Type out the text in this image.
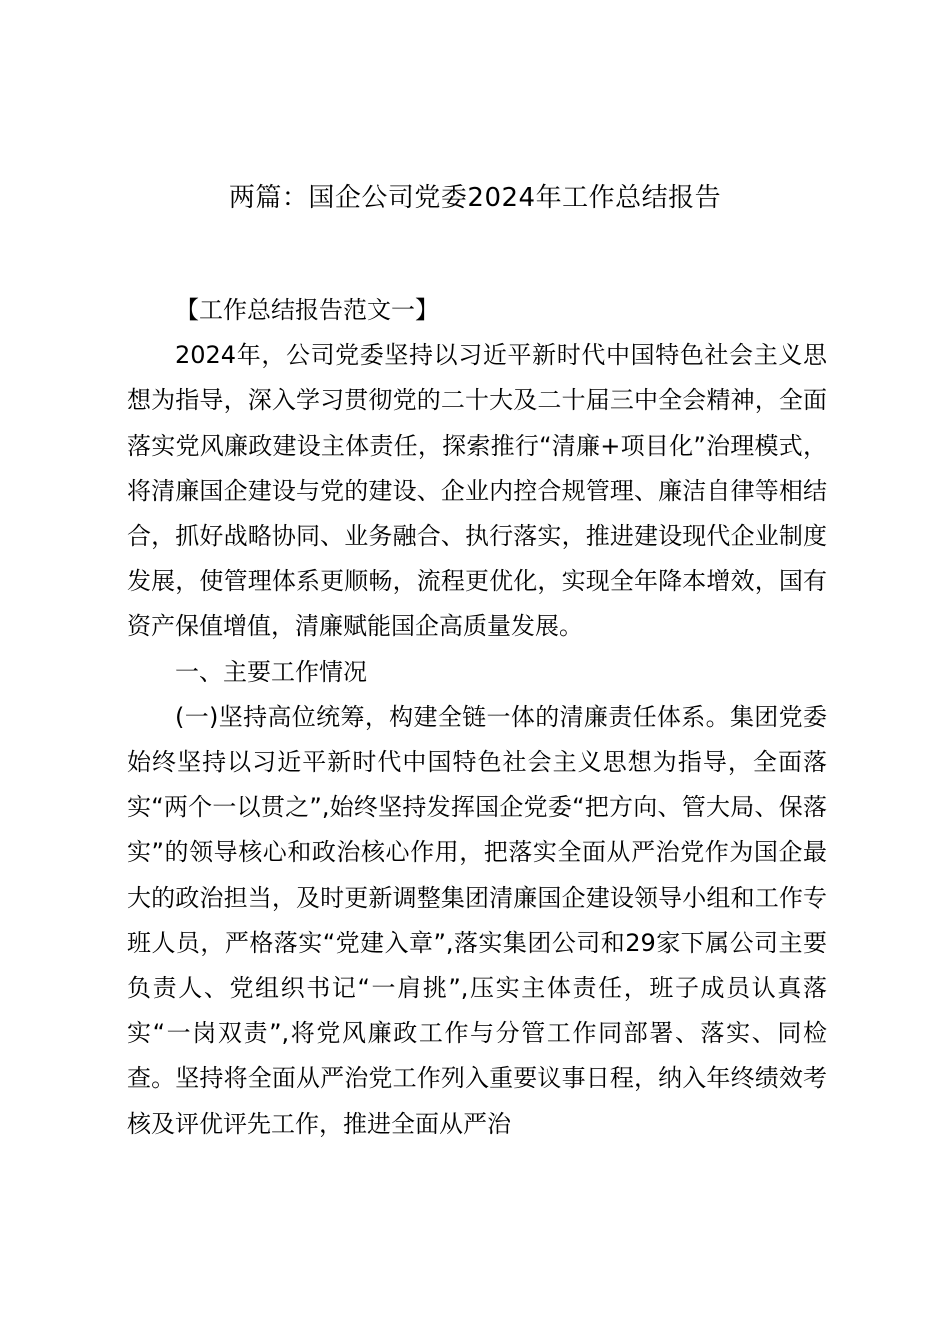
两篇：国企公司党委2024年工作总结报告

【工作总结报告范文一】

2024年，公司党委坚持以习近平新时代中国特色社会主义思想为指导，深入学习贯彻党的二十大及二十届三中全会精神，全面落实党风廉政建设主体责任，探索推行“清廉+项目化”治理模式，将清廉国企建设与党的建设、企业内控合规管理、廉洁自律等相结合，抓好战略协同、业务融合、执行落实，推进建设现代企业制度发展，使管理体系更顺畅，流程更优化，实现全年降本增效，国有资产保值增值，清廉赋能国企高质量发展。

一、主要工作情况

(一)坚持高位统筹，构建全链一体的清廉责任体系。集团党委始终坚持以习近平新时代中国特色社会主义思想为指导，全面落实“两个一以贯之”,始终坚持发挥国企党委“把方向、管大局、保落实”的领导核心和政治核心作用，把落实全面从严治党作为国企最大的政治担当，及时更新调整集团清廉国企建设领导小组和工作专班人员，严格落实“党建入章”,落实集团公司和29家下属公司主要负责人、党组织书记“一肩挑”,压实主体责任，班子成员认真落实“一岗双责”,将党风廉政工作与分管工作同部署、落实、同检查。坚持将全面从严治党工作列入重要议事日程，纳入年终绩效考核及评优评先工作，推进全面从严治
